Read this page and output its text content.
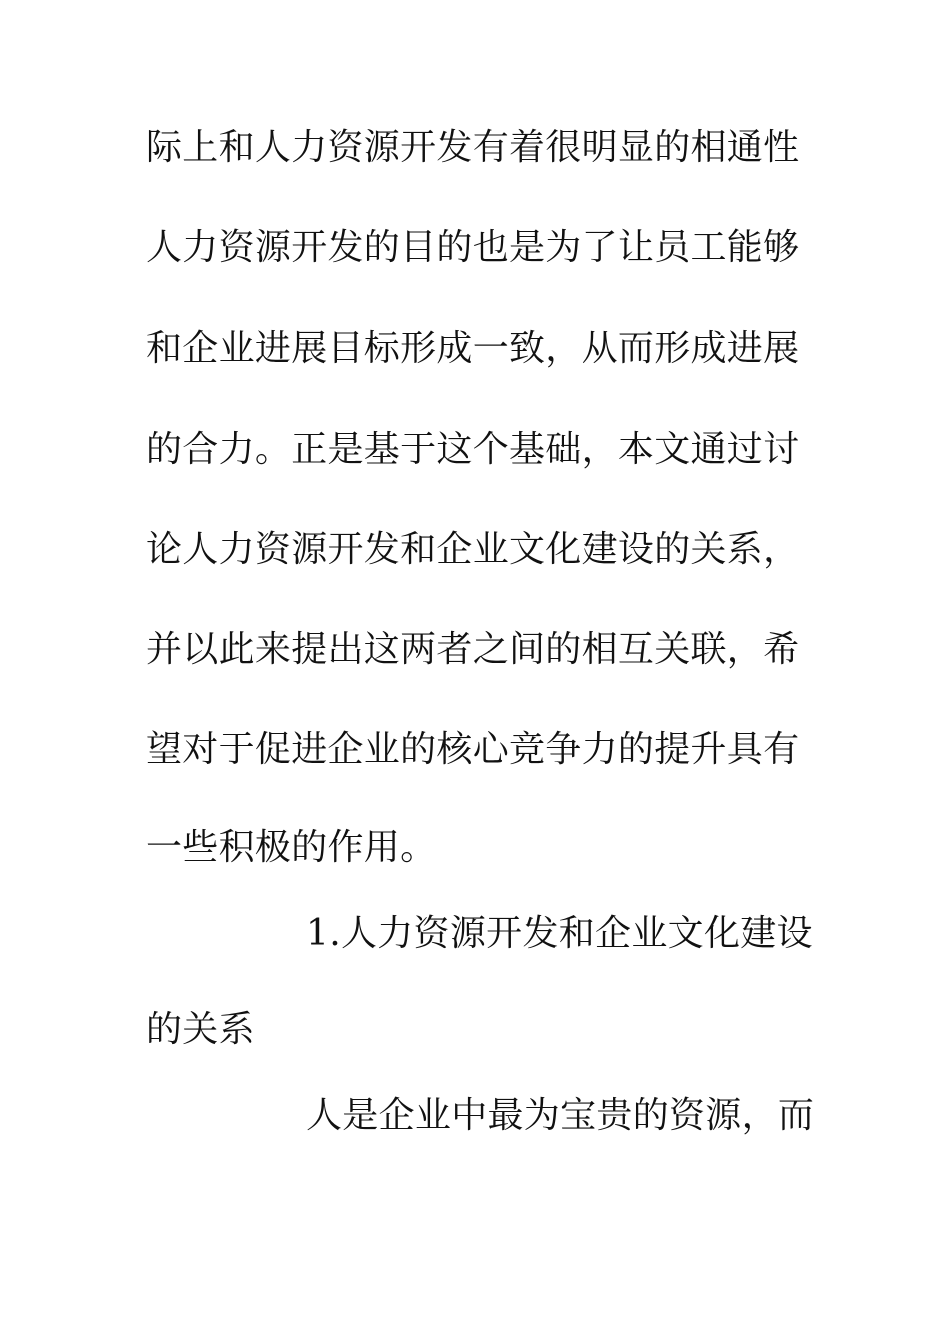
际上和人力资源开发有着很明显的相通性
人力资源开发的目的也是为了让员工能够
和企业进展目标形成一致，从而形成进展
的合力。正是基于这个基础，本文通过讨
论人力资源开发和企业文化建设的关系，
并以此来提出这两者之间的相互关联，希
望对于促进企业的核心竞争力的提升具有
一些积极的作用。
1.人力资源开发和企业文化建设
的关系
人是企业中最为宝贵的资源，而
